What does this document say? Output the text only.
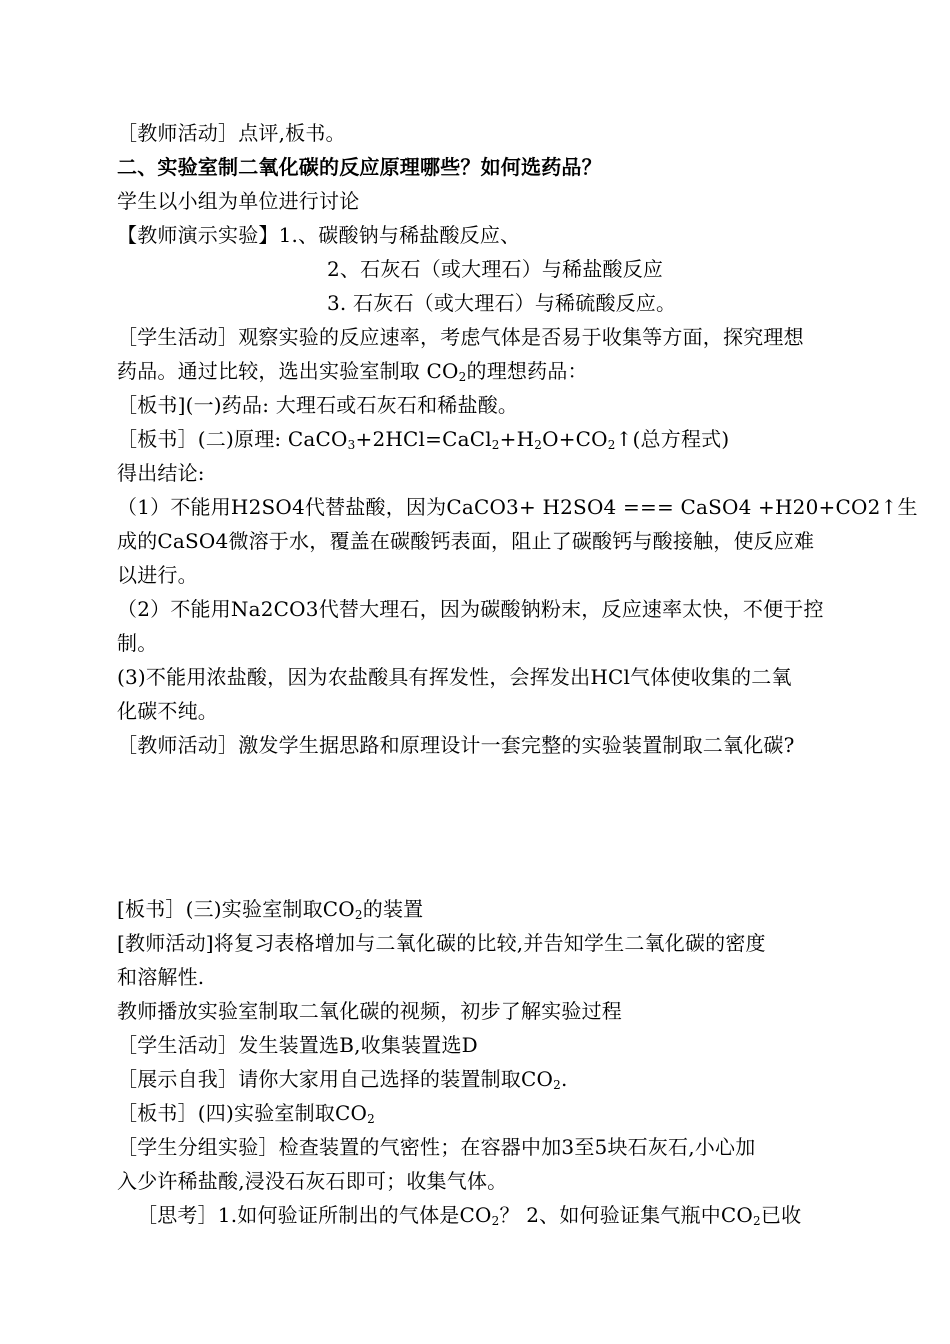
［教师活动］点评,板书。
二、实验室制二氧化碳的反应原理哪些？如何选药品？
学生以小组为单位进行讨论
【教师演示实验】1.、碳酸钠与稀盐酸反应、
2、石灰石（或大理石）与稀盐酸反应
3. 石灰石（或大理石）与稀硫酸反应。
［学生活动］观察实验的反应速率，考虑气体是否易于收集等方面，探究理想
药品。通过比较，选出实验室制取 $CO_2$的理想药品：
［板书](一)药品: 大理石或石灰石和稀盐酸。
［板书］(二)原理: $CaCO_3+2HCl=CaCl_2+H_2O+CO_2↑$(总方程式)
得出结论:
（1）不能用H2SO4代替盐酸，因为CaCO3+ H2SO4 === CaSO4 +H20+CO2↑生
成的CaSO4微溶于水，覆盖在碳酸钙表面，阻止了碳酸钙与酸接触，使反应难
以进行。
（2）不能用Na2CO3代替大理石，因为碳酸钠粉末，反应速率太快，不便于控
制。
(3)不能用浓盐酸，因为农盐酸具有挥发性，会挥发出HCl气体使收集的二氧
化碳不纯。
［教师活动］激发学生据思路和原理设计一套完整的实验装置制取二氧化碳?
[板书］(三)实验室制取$CO_2$的装置
[教师活动]将复习表格增加与二氧化碳的比较,并告知学生二氧化碳的密度
和溶解性.
教师播放实验室制取二氧化碳的视频，初步了解实验过程
［学生活动］发生装置选B,收集装置选D
［展示自我］请你大家用自己选择的装置制取$CO_2$.
［板书］(四)实验室制取$CO_2$
［学生分组实验］检查装置的气密性；在容器中加3至5块石灰石,小心加
入少许稀盐酸,浸没石灰石即可；收集气体。
［思考］1.如何验证所制出的气体是$CO_2$？ 2、如何验证集气瓶中$CO_2$已收
